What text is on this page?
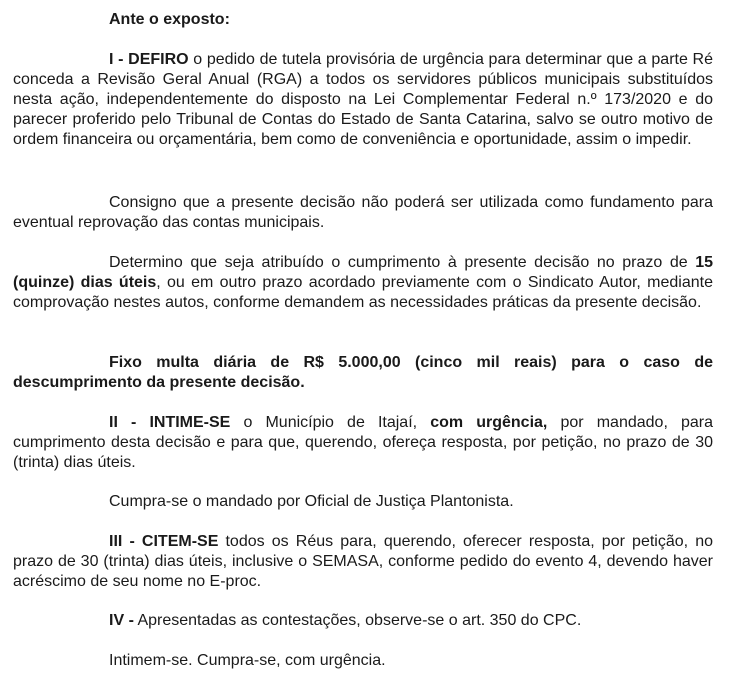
Ante o exposto:

I - DEFIRO o pedido de tutela provisória de urgência para determinar que a parte Ré conceda a Revisão Geral Anual (RGA) a todos os servidores públicos municipais substituídos nesta ação, independentemente do disposto na Lei Complementar Federal n.º 173/2020 e do parecer proferido pelo Tribunal de Contas do Estado de Santa Catarina, salvo se outro motivo de ordem financeira ou orçamentária, bem como de conveniência e oportunidade, assim o impedir.

Consigno que a presente decisão não poderá ser utilizada como fundamento para eventual reprovação das contas municipais.

Determino que seja atribuído o cumprimento à presente decisão no prazo de 15 (quinze) dias úteis, ou em outro prazo acordado previamente com o Sindicato Autor, mediante comprovação nestes autos, conforme demandem as necessidades práticas da presente decisão.

Fixo multa diária de R$ 5.000,00 (cinco mil reais) para o caso de descumprimento da presente decisão.

II - INTIME-SE o Município de Itajaí, com urgência, por mandado, para cumprimento desta decisão e para que, querendo, ofereça resposta, por petição, no prazo de 30 (trinta) dias úteis.

Cumpra-se o mandado por Oficial de Justiça Plantonista.

III - CITEM-SE todos os Réus para, querendo, oferecer resposta, por petição, no prazo de 30 (trinta) dias úteis, inclusive o SEMASA, conforme pedido do evento 4, devendo haver acréscimo de seu nome no E-proc.

IV - Apresentadas as contestações, observe-se o art. 350 do CPC.

Intimem-se. Cumpra-se, com urgência.
